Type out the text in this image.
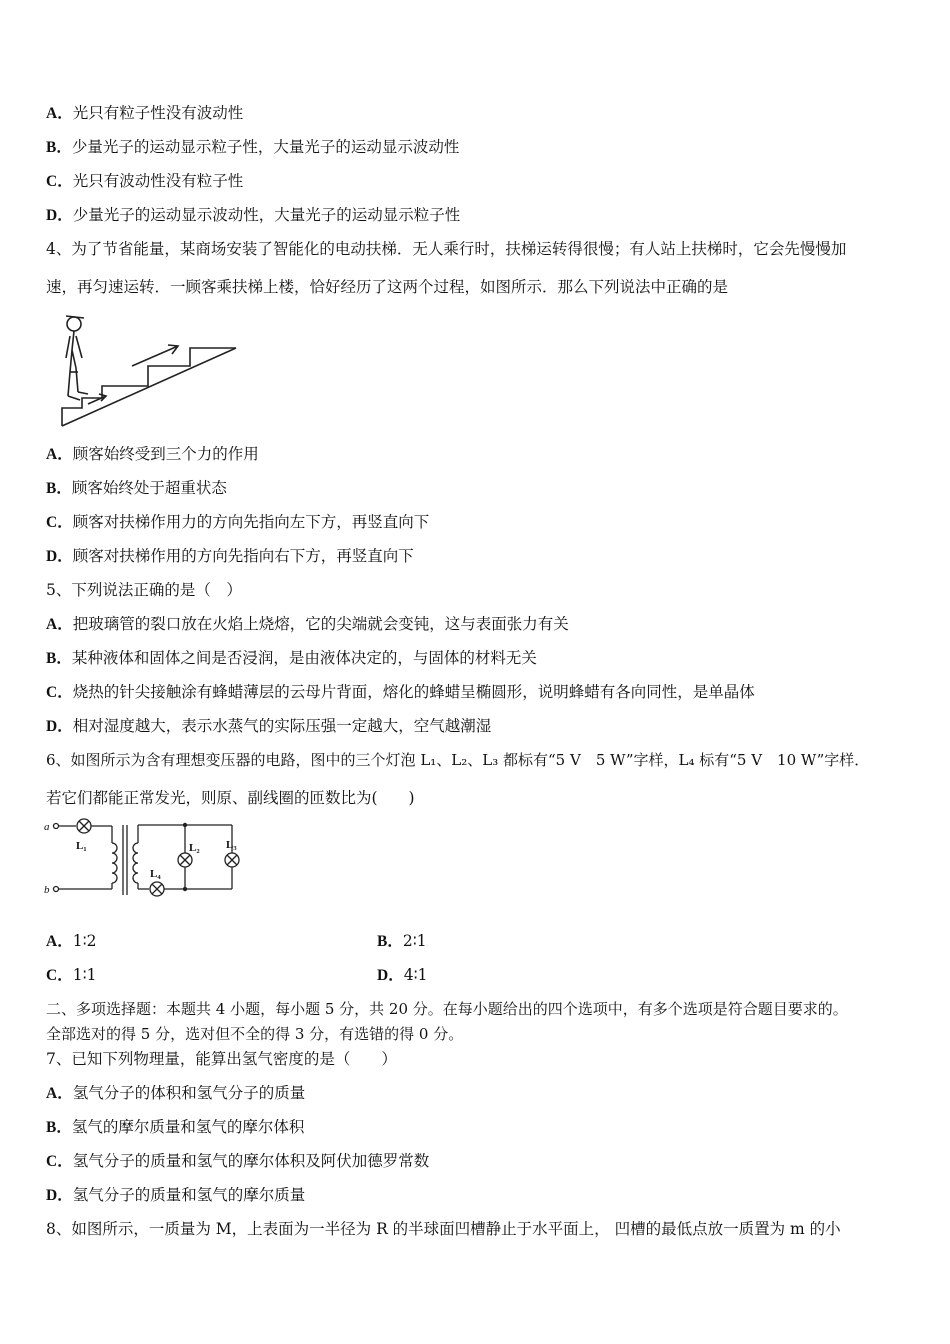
A．光只有粒子性没有波动性
B．少量光子的运动显示粒子性，大量光子的运动显示波动性
C．光只有波动性没有粒子性
D．少量光子的运动显示波动性，大量光子的运动显示粒子性
4、为了节省能量，某商场安装了智能化的电动扶梯．无人乘行时，扶梯运转得很慢；有人站上扶梯时，它会先慢慢加
速，再匀速运转．一顾客乘扶梯上楼，恰好经历了这两个过程，如图所示．那么下列说法中正确的是
A．顾客始终受到三个力的作用
B．顾客始终处于超重状态
C．顾客对扶梯作用力的方向先指向左下方，再竖直向下
D．顾客对扶梯作用的方向先指向右下方，再竖直向下
5、下列说法正确的是（　）
A．把玻璃管的裂口放在火焰上烧熔，它的尖端就会变钝，这与表面张力有关
B．某种液体和固体之间是否浸润，是由液体决定的，与固体的材料无关
C．烧热的针尖接触涂有蜂蜡薄层的云母片背面，熔化的蜂蜡呈椭圆形，说明蜂蜡有各向同性，是单晶体
D．相对湿度越大，表示水蒸气的实际压强一定越大，空气越潮湿
6、如图所示为含有理想变压器的电路，图中的三个灯泡 L₁、L₂、L₃ 都标有“5 V　5 W”字样，L₄ 标有“5 V　10 W”字样．
若它们都能正常发光，则原、副线圈的匝数比为(　　)
a
b
L₁	L₂ L₃
L₄
A．1∶2	B．2∶1
C．1∶1	D．4∶1
二、多项选择题：本题共 4 小题，每小题 5 分，共 20 分。在每小题给出的四个选项中，有多个选项是符合题目要求的。
全部选对的得 5 分，选对但不全的得 3 分，有选错的得 0 分。
7、已知下列物理量，能算出氢气密度的是（　　）
A．氢气分子的体积和氢气分子的质量
B．氢气的摩尔质量和氢气的摩尔体积
C．氢气分子的质量和氢气的摩尔体积及阿伏加德罗常数
D．氢气分子的质量和氢气的摩尔质量
8、如图所示，一质量为 M，上表面为一半径为 R 的半球面凹槽静止于水平面上， 凹槽的最低点放一质置为 m 的小
